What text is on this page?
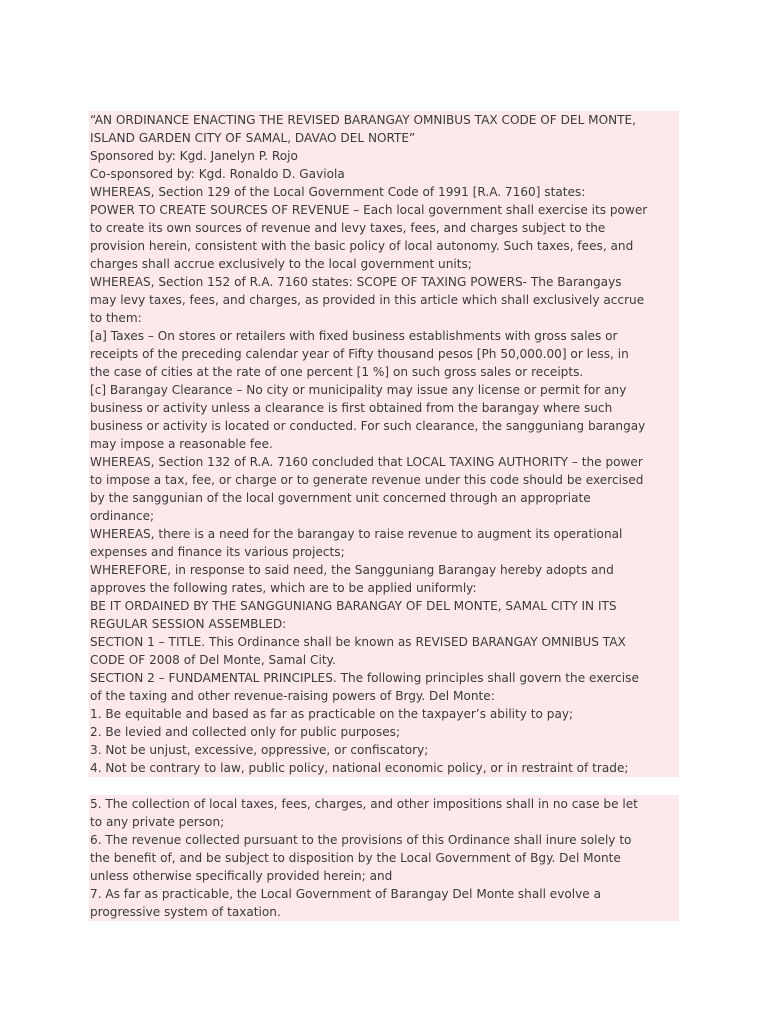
“AN ORDINANCE ENACTING THE REVISED BARANGAY OMNIBUS TAX CODE OF DEL MONTE,
ISLAND GARDEN CITY OF SAMAL, DAVAO DEL NORTE”
Sponsored by: Kgd. Janelyn P. Rojo
Co-sponsored by: Kgd. Ronaldo D. Gaviola
WHEREAS, Section 129 of the Local Government Code of 1991 [R.A. 7160] states:
POWER TO CREATE SOURCES OF REVENUE – Each local government shall exercise its power
to create its own sources of revenue and levy taxes, fees, and charges subject to the
provision herein, consistent with the basic policy of local autonomy. Such taxes, fees, and
charges shall accrue exclusively to the local government units;
WHEREAS, Section 152 of R.A. 7160 states: SCOPE OF TAXING POWERS- The Barangays
may levy taxes, fees, and charges, as provided in this article which shall exclusively accrue
to them:
[a] Taxes – On stores or retailers with fixed business establishments with gross sales or
receipts of the preceding calendar year of Fifty thousand pesos [Ph 50,000.00] or less, in
the case of cities at the rate of one percent [1 %] on such gross sales or receipts.
[c] Barangay Clearance – No city or municipality may issue any license or permit for any
business or activity unless a clearance is first obtained from the barangay where such
business or activity is located or conducted. For such clearance, the sangguniang barangay
may impose a reasonable fee.
WHEREAS, Section 132 of R.A. 7160 concluded that LOCAL TAXING AUTHORITY – the power
to impose a tax, fee, or charge or to generate revenue under this code should be exercised
by the sanggunian of the local government unit concerned through an appropriate
ordinance;
WHEREAS, there is a need for the barangay to raise revenue to augment its operational
expenses and finance its various projects;
WHEREFORE, in response to said need, the Sangguniang Barangay hereby adopts and
approves the following rates, which are to be applied uniformly:
BE IT ORDAINED BY THE SANGGUNIANG BARANGAY OF DEL MONTE, SAMAL CITY IN ITS
REGULAR SESSION ASSEMBLED:
SECTION 1 – TITLE. This Ordinance shall be known as REVISED BARANGAY OMNIBUS TAX
CODE OF 2008 of Del Monte, Samal City.
SECTION 2 – FUNDAMENTAL PRINCIPLES. The following principles shall govern the exercise
of the taxing and other revenue-raising powers of Brgy. Del Monte:
1. Be equitable and based as far as practicable on the taxpayer’s ability to pay;
2. Be levied and collected only for public purposes;
3. Not be unjust, excessive, oppressive, or confiscatory;
4. Not be contrary to law, public policy, national economic policy, or in restraint of trade;
5. The collection of local taxes, fees, charges, and other impositions shall in no case be let
to any private person;
6. The revenue collected pursuant to the provisions of this Ordinance shall inure solely to
the benefit of, and be subject to disposition by the Local Government of Bgy. Del Monte
unless otherwise specifically provided herein; and
7. As far as practicable, the Local Government of Barangay Del Monte shall evolve a
progressive system of taxation.
